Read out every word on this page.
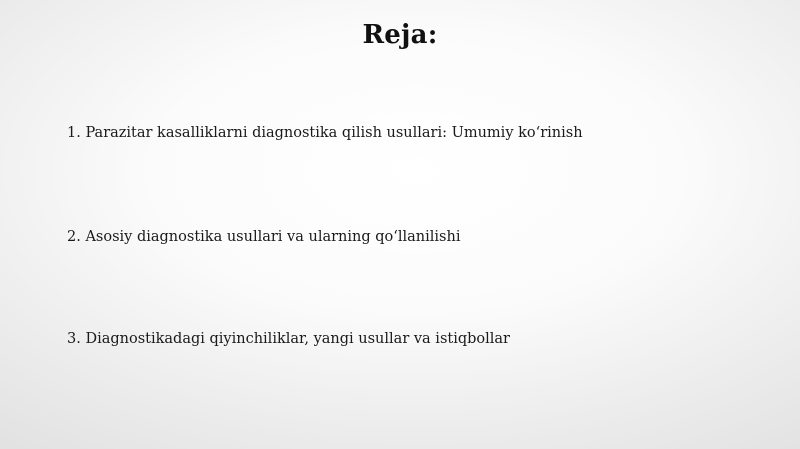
Reja:
1. Parazitar kasalliklarni diagnostika qilish usullari: Umumiy ko‘rinish
2. Asosiy diagnostika usullari va ularning qo‘llanilishi
3. Diagnostikadagi qiyinchiliklar, yangi usullar va istiqbollar
